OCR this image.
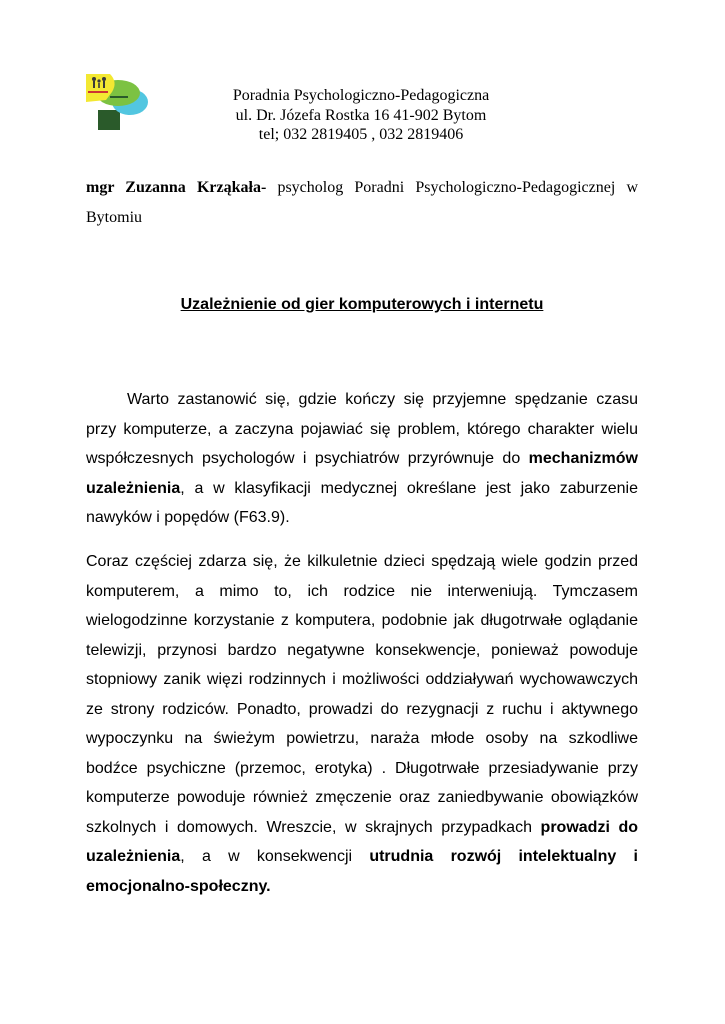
Poradnia Psychologiczno-Pedagogiczna
ul. Dr. Józefa Rostka 16 41-902 Bytom
tel; 032 2819405 , 032 2819406
mgr Zuzanna Krząkała- psycholog Poradni Psychologiczno-Pedagogicznej w Bytomiu
Uzależnienie od gier komputerowych i internetu

Warto zastanowić się, gdzie kończy się przyjemne spędzanie czasu przy komputerze, a zaczyna pojawiać się problem, którego charakter wielu współczesnych psychologów i psychiatrów przyrównuje do mechanizmów uzależnienia, a w klasyfikacji medycznej określane jest jako zaburzenie nawyków i popędów (F63.9).

Coraz częściej zdarza się, że kilkuletnie dzieci spędzają wiele godzin przed komputerem, a mimo to, ich rodzice nie interweniują. Tymczasem wielogodzinne korzystanie z komputera, podobnie jak długotrwałe oglądanie telewizji, przynosi bardzo negatywne konsekwencje, ponieważ powoduje stopniowy zanik więzi rodzinnych i możliwości oddziaływań wychowawczych ze strony rodziców. Ponadto, prowadzi do rezygnacji z ruchu i aktywnego wypoczynku na świeżym powietrzu, naraża młode osoby na szkodliwe bodźce psychiczne (przemoc, erotyka) . Długotrwałe przesiadywanie przy komputerze powoduje również zmęczenie oraz zaniedbywanie obowiązków szkolnych i domowych. Wreszcie, w skrajnych przypadkach prowadzi do uzależnienia, a w konsekwencji utrudnia rozwój intelektualny i emocjonalno-społeczny.
